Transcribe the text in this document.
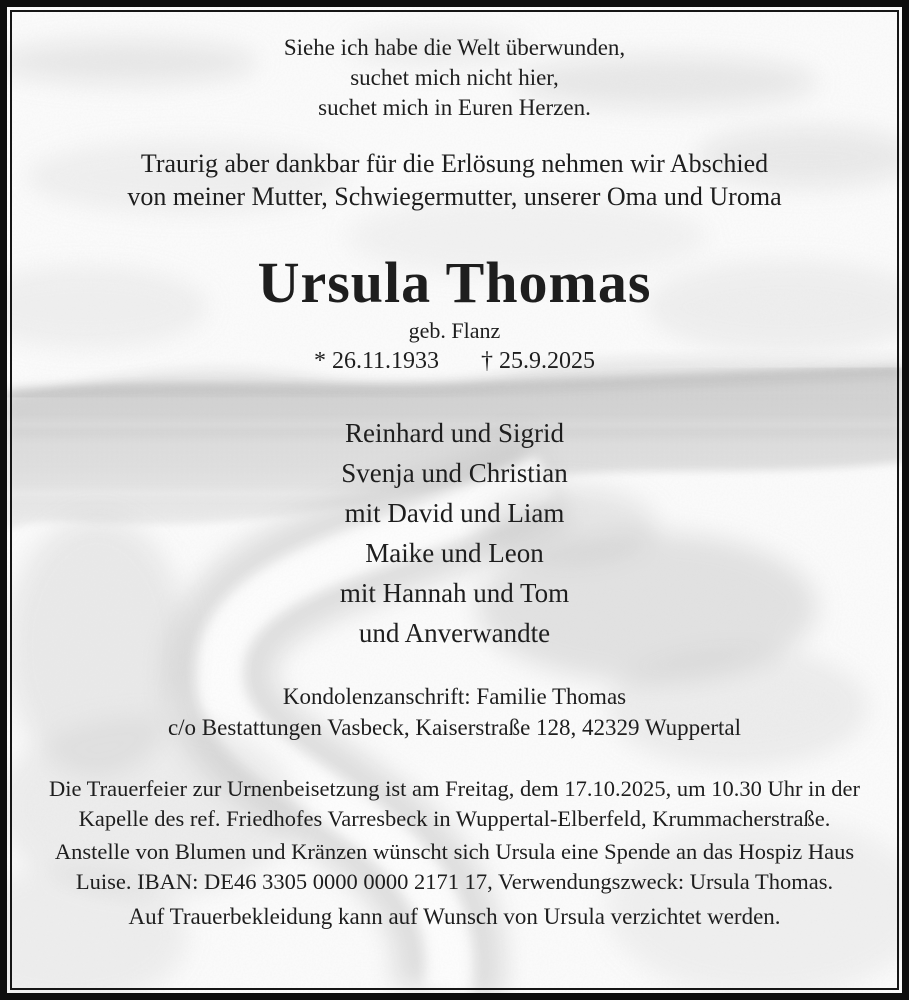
Siehe ich habe die Welt überwunden,
suchet mich nicht hier,
suchet mich in Euren Herzen.
Traurig aber dankbar für die Erlösung nehmen wir Abschied
von meiner Mutter, Schwiegermutter, unserer Oma und Uroma
Ursula Thomas
geb. Flanz
* 26.11.1933 † 25.9.2025
Reinhard und Sigrid
Svenja und Christian
mit David und Liam
Maike und Leon
mit Hannah und Tom
und Anverwandte
Kondolenzanschrift: Familie Thomas
c/o Bestattungen Vasbeck, Kaiserstraße 128, 42329 Wuppertal
Die Trauerfeier zur Urnenbeisetzung ist am Freitag, dem 17.10.2025, um 10.30 Uhr in der
Kapelle des ref. Friedhofes Varresbeck in Wuppertal-Elberfeld, Krummacherstraße.
Anstelle von Blumen und Kränzen wünscht sich Ursula eine Spende an das Hospiz Haus
Luise. IBAN: DE46 3305 0000 0000 2171 17, Verwendungszweck: Ursula Thomas.
Auf Trauerbekleidung kann auf Wunsch von Ursula verzichtet werden.
